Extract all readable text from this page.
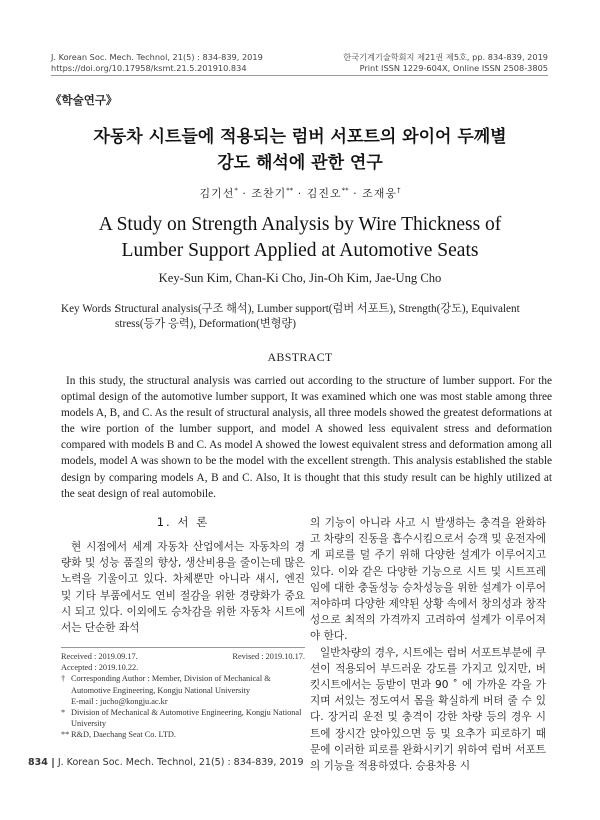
J. Korean Soc. Mech. Technol, 21(5) : 834-839, 2019
https://doi.org/10.17958/ksmt.21.5.201910.834
한국기계기술학회지 제21권 제5호, pp. 834-839, 2019
Print ISSN 1229-604X, Online ISSN 2508-3805
《학술연구》
자동차 시트들에 적용되는 럼버 서포트의 와이어 두께별
강도 해석에 관한 연구
김기선* · 조찬기** · 김진오** · 조재웅†
A Study on Strength Analysis by Wire Thickness of
Lumber Support Applied at Automotive Seats
Key-Sun Kim, Chan-Ki Cho, Jin-Oh Kim, Jae-Ung Cho
Key Words :
Structural analysis(구조 해석), Lumber support(럼버 서포트), Strength(강도), Equivalent stress(등가 응력), Deformation(변형량)
ABSTRACT
In this study, the structural analysis was carried out according to the structure of lumber support. For the optimal design of the automotive lumber support, It was examined which one was most stable among three models A, B, and C. As the result of structural analysis, all three models showed the greatest deformations at the wire portion of the lumber support, and model A showed less equivalent stress and deformation compared with models B and C. As model A showed the lowest equivalent stress and deformation among all models, model A was shown to be the model with the excellent strength. This analysis established the stable design by comparing models A, B and C. Also, It is thought that this study result can be highly utilized at the seat design of real automobile.
1. 서 론
현 시점에서 세계 자동차 산업에서는 자동차의 경량화 및 성능 품질의 향상, 생산비용을 줄이는데 많은 노력을 기울이고 있다. 차체뿐만 아니라 섀시, 엔진 및 기타 부품에서도 연비 절감을 위한 경량화가 중요시 되고 있다. 이외에도 승차감을 위한 자동차 시트에서는 단순한 좌석
의 기능이 아니라 사고 시 발생하는 충격을 완화하고 차량의 진동을 흡수시킴으로서 승객 및 운전자에게 피로를 덜 주기 위해 다양한 설계가 이루어지고 있다. 이와 같은 다양한 기능으로 시트 및 시트프레임에 대한 충돌성능 승차성능을 위한 설계가 이루어져야하며 다양한 제약된 상황 속에서 창의성과 창작성으로 최적의 가격까지 고려하여 설계가 이루어져야 한다.
일반차량의 경우, 시트에는 럼버 서포트부분에 쿠션이 적용되어 부드러운 강도를 가지고 있지만, 버킷시트에서는 등받이 면과 90 ˚ 에 가까운 각을 가지며 서있는 정도여서 몸을 확실하게 버텨 줄 수 있다. 장거리 운전 및 충격이 강한 차량 등의 경우 시트에 장시간 앉아있으면 등 및 요추가 피로하기 때문에 이러한 피로를 완화시키기 위하여 럼버 서포트의 기능을 적용하였다. 승용차용 시
Received : 2019.09.17.	Revised : 2019.10.17.
Accepted : 2019.10.22.
† Corresponding Author : Member, Division of Mechanical & Automotive Engineering, Kongju National University
E-mail : jucho@kongju.ac.kr
* Division of Mechanical & Automotive Engineering, Kongju National University
** R&D, Daechang Seat Co. LTD.
834 J. Korean Soc. Mech. Technol, 21(5) : 834-839, 2019
